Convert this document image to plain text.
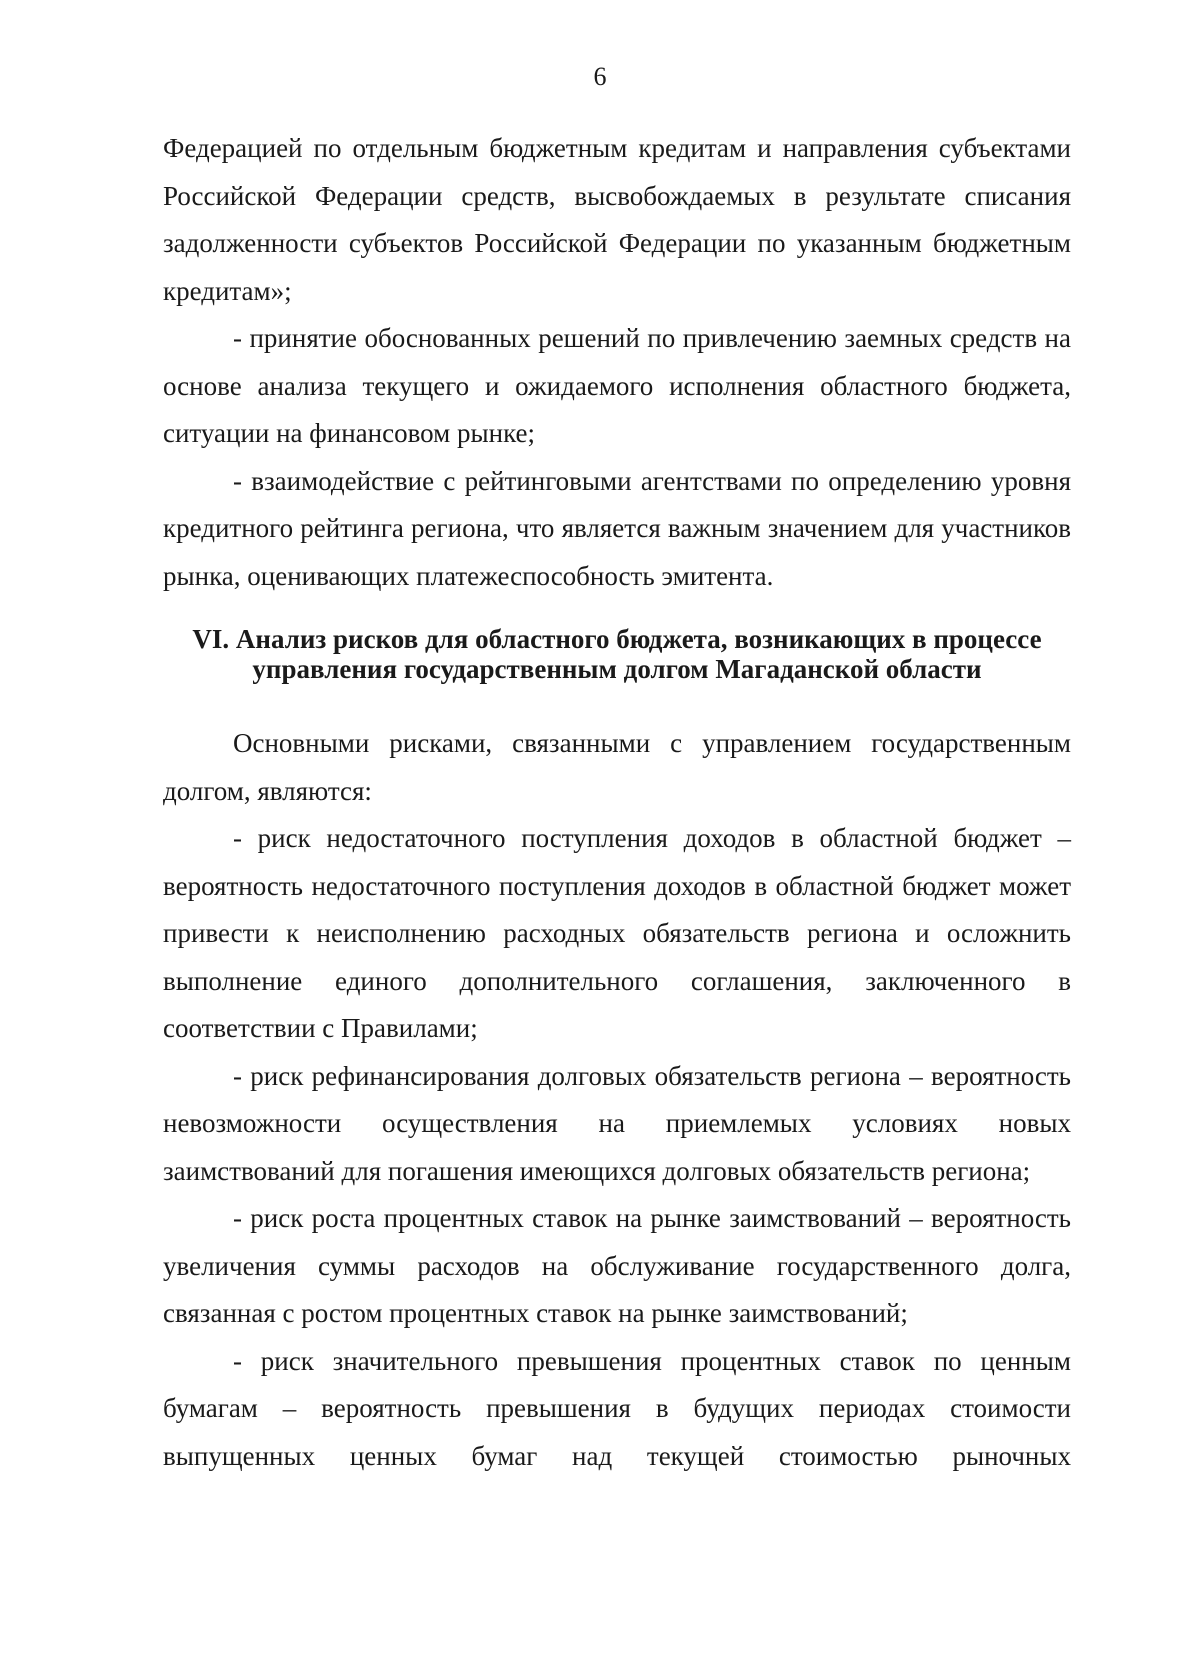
6

Федерацией по отдельным бюджетным кредитам и направления субъектами Российской Федерации средств, высвобождаемых в результате списания задолженности субъектов Российской Федерации по указанным бюджетным кредитам»;

- принятие обоснованных решений по привлечению заемных средств на основе анализа текущего и ожидаемого исполнения областного бюджета, ситуации на финансовом рынке;

- взаимодействие с рейтинговыми агентствами по определению уровня кредитного рейтинга региона, что является важным значением для участников рынка, оценивающих платежеспособность эмитента.

VI. Анализ рисков для областного бюджета, возникающих в процессе
управления государственным долгом Магаданской области

Основными рисками, связанными с управлением государственным долгом, являются:

- риск недостаточного поступления доходов в областной бюджет – вероятность недостаточного поступления доходов в областной бюджет может привести к неисполнению расходных обязательств региона и осложнить выполнение единого дополнительного соглашения, заключенного в соответствии с Правилами;

- риск рефинансирования долговых обязательств региона – вероятность невозможности осуществления на приемлемых условиях новых заимствований для погашения имеющихся долговых обязательств региона;

- риск роста процентных ставок на рынке заимствований – вероятность увеличения суммы расходов на обслуживание государственного долга, связанная с ростом процентных ставок на рынке заимствований;

- риск значительного превышения процентных ставок по ценным бумагам – вероятность превышения в будущих периодах стоимости выпущенных ценных бумаг над текущей стоимостью рыночных
